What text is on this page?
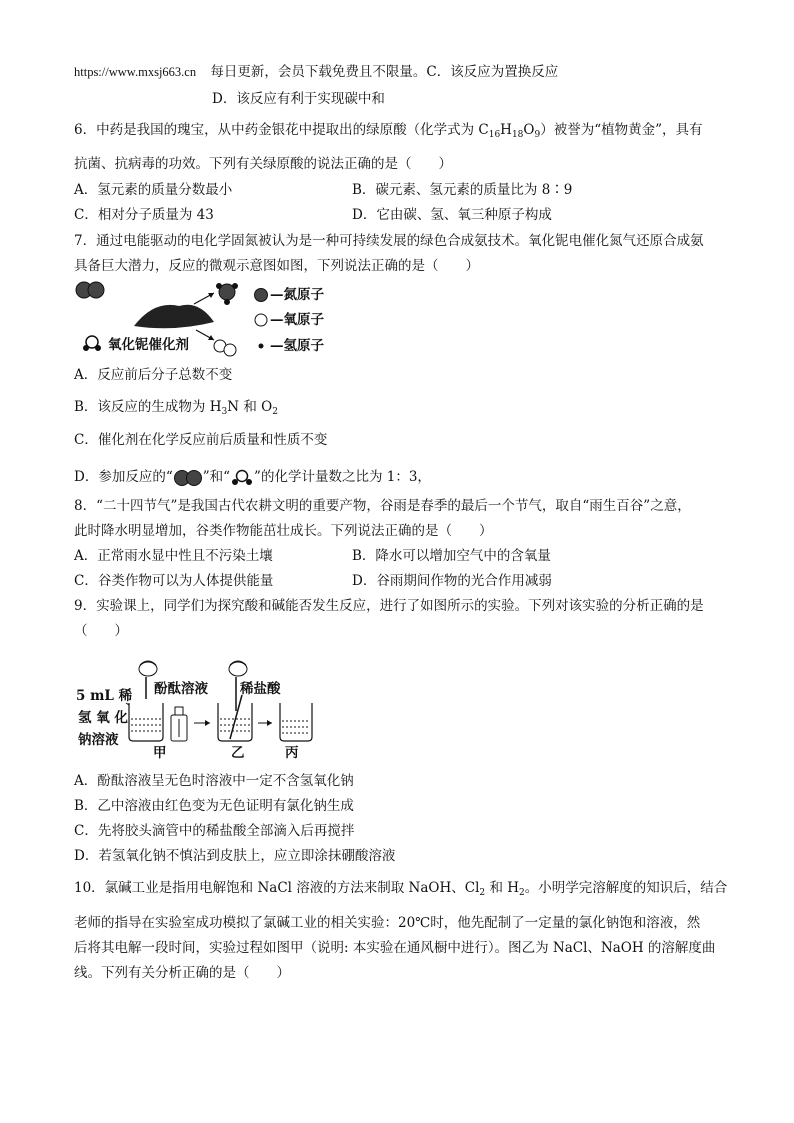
https://www.mxsj663.cn 每日更新，会员下载免费且不限量。C．该反应为置换反应
D．该反应有利于实现碳中和
6．中药是我国的瑰宝，从中药金银花中提取出的绿原酸（化学式为 $C_{16}H_{18}O_9$）被誉为“植物黄金”，具有
抗菌、抗病毒的功效。下列有关绿原酸的说法正确的是（　　）
A．氢元素的质量分数最小	B．碳元素、氢元素的质量比为 8∶9
C．相对分子质量为 43	D．它由碳、氢、氧三种原子构成
7．通过电能驱动的电化学固氮被认为是一种可持续发展的绿色合成氨技术。氧化铌电催化氮气还原合成氨
具备巨大潜力，反应的微观示意图如图，下列说法正确的是（　　）
氧化铌催化剂
—氮原子
—氧原子
—氢原子
A．反应前后分子总数不变
B．该反应的生成物为 $H_3N$ 和 $O_2$
C．催化剂在化学反应前后质量和性质不变
D．参加反应的“ ”和“ ”的化学计量数之比为 1：3，
8．“二十四节气”是我国古代农耕文明的重要产物，谷雨是春季的最后一个节气，取自“雨生百谷”之意，
此时降水明显增加，谷类作物能茁壮成长。下列说法正确的是（　　）
A．正常雨水显中性且不污染土壤	B．降水可以增加空气中的含氧量
C．谷类作物可以为人体提供能量	D．谷雨期间作物的光合作用减弱
9．实验课上，同学们为探究酸和碱能否发生反应，进行了如图所示的实验。下列对该实验的分析正确的是
（　　）
5 mL 稀
氢 氧 化
钠溶液
酚酞溶液 稀盐酸
甲	乙	丙
A．酚酞溶液呈无色时溶液中一定不含氢氧化钠
B．乙中溶液由红色变为无色证明有氯化钠生成
C．先将胶头滴管中的稀盐酸全部滴入后再搅拌
D．若氢氧化钠不慎沾到皮肤上，应立即涂抹硼酸溶液
10．氯碱工业是指用电解饱和 NaCl 溶液的方法来制取 NaOH、$Cl_2$ 和 $H_2$。小明学完溶解度的知识后，结合
老师的指导在实验室成功模拟了氯碱工业的相关实验：20℃时，他先配制了一定量的氯化钠饱和溶液，然
后将其电解一段时间，实验过程如图甲（说明: 本实验在通风橱中进行）。图乙为 NaCl、NaOH 的溶解度曲
线。下列有关分析正确的是（　　）
